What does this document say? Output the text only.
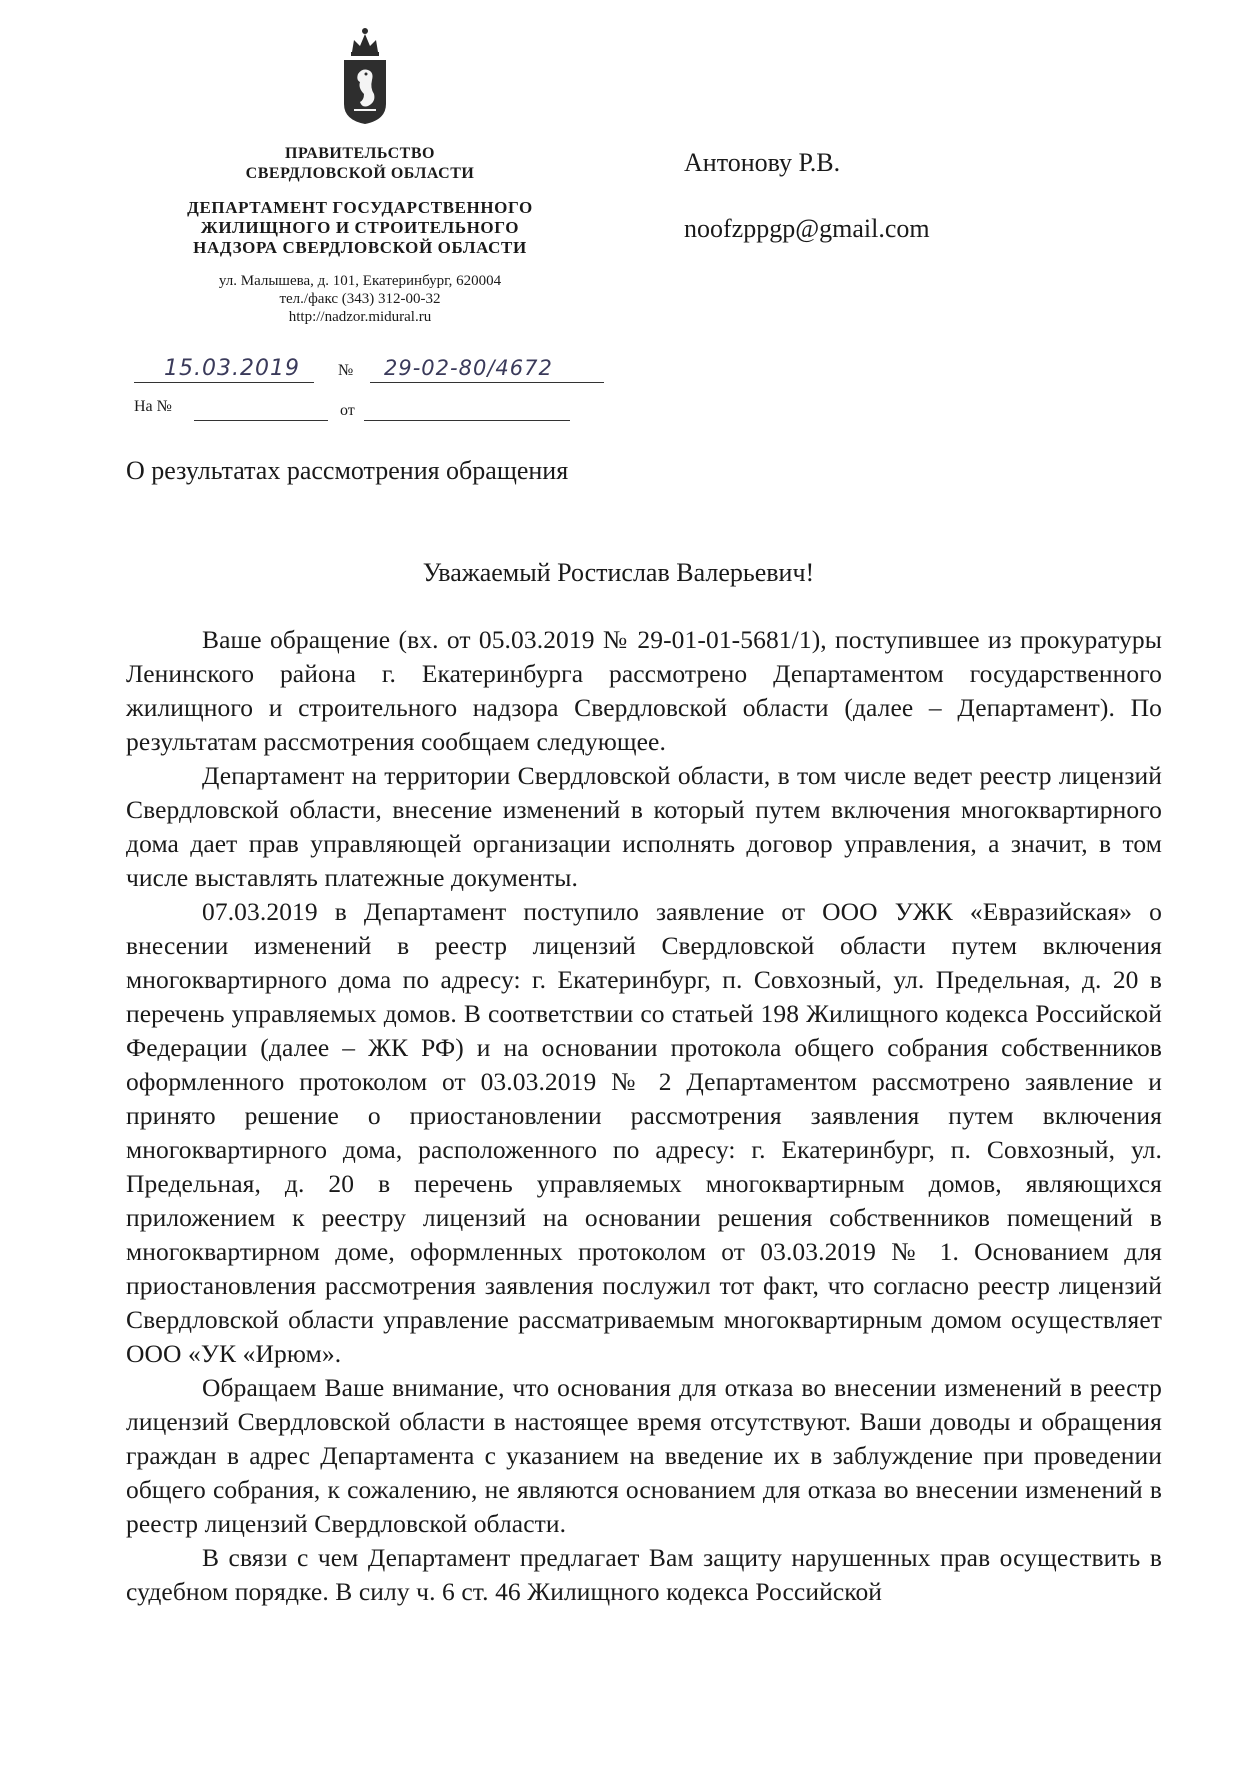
ПРАВИТЕЛЬСТВО
СВЕРДЛОВСКОЙ ОБЛАСТИ

ДЕПАРТАМЕНТ ГОСУДАРСТВЕННОГО
ЖИЛИЩНОГО И СТРОИТЕЛЬНОГО
НАДЗОРА СВЕРДЛОВСКОЙ ОБЛАСТИ

ул. Малышева, д. 101, Екатеринбург, 620004
тел./факс (343) 312-00-32
http://nadzor.midural.ru

15.03.2019 № 29-02-80/4672
На №	от
Антонову Р.В.
noofzppgp@gmail.com
О результатах рассмотрения обращения
Уважаемый Ростислав Валерьевич!

Ваше обращение (вх. от 05.03.2019 № 29-01-01-5681/1), поступившее из прокуратуры Ленинского района г. Екатеринбурга рассмотрено Департаментом государственного жилищного и строительного надзора Свердловской области (далее – Департамент). По результатам рассмотрения сообщаем следующее.

Департамент на территории Свердловской области, в том числе ведет реестр лицензий Свердловской области, внесение изменений в который путем включения многоквартирного дома дает прав управляющей организации исполнять договор управления, а значит, в том числе выставлять платежные документы.

07.03.2019 в Департамент поступило заявление от ООО УЖК «Евразийская» о внесении изменений в реестр лицензий Свердловской области путем включения многоквартирного дома по адресу: г. Екатеринбург, п. Совхозный, ул. Предельная, д. 20 в перечень управляемых домов. В соответствии со статьей 198 Жилищного кодекса Российской Федерации (далее – ЖК РФ) и на основании протокола общего собрания собственников оформленного протоколом от 03.03.2019 № 2 Департаментом рассмотрено заявление и принято решение о приостановлении рассмотрения заявления путем включения многоквартирного дома, расположенного по адресу: г. Екатеринбург, п. Совхозный, ул. Предельная, д. 20 в перечень управляемых многоквартирным домов, являющихся приложением к реестру лицензий на основании решения собственников помещений в многоквартирном доме, оформленных протоколом от 03.03.2019 № 1. Основанием для приостановления рассмотрения заявления послужил тот факт, что согласно реестр лицензий Свердловской области управление рассматриваемым многоквартирным домом осуществляет ООО «УК «Ирюм».

Обращаем Ваше внимание, что основания для отказа во внесении изменений в реестр лицензий Свердловской области в настоящее время отсутствуют. Ваши доводы и обращения граждан в адрес Департамента с указанием на введение их в заблуждение при проведении общего собрания, к сожалению, не являются основанием для отказа во внесении изменений в реестр лицензий Свердловской области.

В связи с чем Департамент предлагает Вам защиту нарушенных прав осуществить в судебном порядке. В силу ч. 6 ст. 46 Жилищного кодекса Российской
